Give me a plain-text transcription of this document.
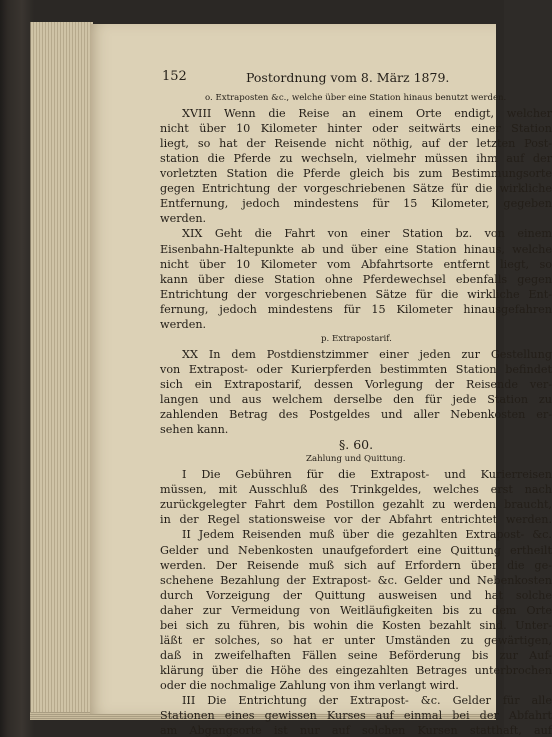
152	Postordnung vom 8. März 1879.
o. Extraposten &c., welche über eine Station hinaus benutzt werden.
XVIII Wenn die Reise an einem Orte endigt, welcher
nicht über 10 Kilometer hinter oder seitwärts einer Station
liegt, so hat der Reisende nicht nöthig, auf der letzten Post-
station die Pferde zu wechseln, vielmehr müssen ihm auf der
vorletzten Station die Pferde gleich bis zum Bestimmungsorte
gegen Entrichtung der vorgeschriebenen Sätze für die wirkliche
Entfernung, jedoch mindestens für 15 Kilometer, gegeben
werden.
XIX Geht die Fahrt von einer Station bz. von einem
Eisenbahn-Haltepunkte ab und über eine Station hinaus, welche
nicht über 10 Kilometer vom Abfahrtsorte entfernt liegt, so
kann über diese Station ohne Pferdewechsel ebenfalls gegen
Entrichtung der vorgeschriebenen Sätze für die wirkliche Ent-
fernung, jedoch mindestens für 15 Kilometer hinausgefahren
werden.
p. Extrapostarif.
XX In dem Postdienstzimmer einer jeden zur Gestellung
von Extrapost- oder Kurierpferden bestimmten Station befindet
sich ein Extrapostarif, dessen Vorlegung der Reisende ver-
langen und aus welchem derselbe den für jede Station zu
zahlenden Betrag des Postgeldes und aller Nebenkosten er-
sehen kann.
§. 60.
Zahlung und Quittung.
I Die Gebühren für die Extrapost- und Kurierreisen
müssen, mit Ausschluß des Trinkgeldes, welches erst nach
zurückgelegter Fahrt dem Postillon gezahlt zu werden braucht,
in der Regel stationsweise vor der Abfahrt entrichtet werden.
II Jedem Reisenden muß über die gezahlten Extrapost- &c.
Gelder und Nebenkosten unaufgefordert eine Quittung ertheilt
werden. Der Reisende muß sich auf Erfordern über die ge-
schehene Bezahlung der Extrapost- &c. Gelder und Nebenkosten
durch Vorzeigung der Quittung ausweisen und hat solche
daher zur Vermeidung von Weitläufigkeiten bis zu dem Orte
bei sich zu führen, bis wohin die Kosten bezahlt sind. Unter-
läßt er solches, so hat er unter Umständen zu gewärtigen,
daß in zweifelhaften Fällen seine Beförderung bis zur Auf-
klärung über die Höhe des eingezahlten Betrages unterbrochen
oder die nochmalige Zahlung von ihm verlangt wird.
III Die Entrichtung der Extrapost- &c. Gelder für alle
Stationen eines gewissen Kurses auf einmal bei der Abfahrt
am Abgangsorte ist nur auf solchen Kursen statthaft, auf
